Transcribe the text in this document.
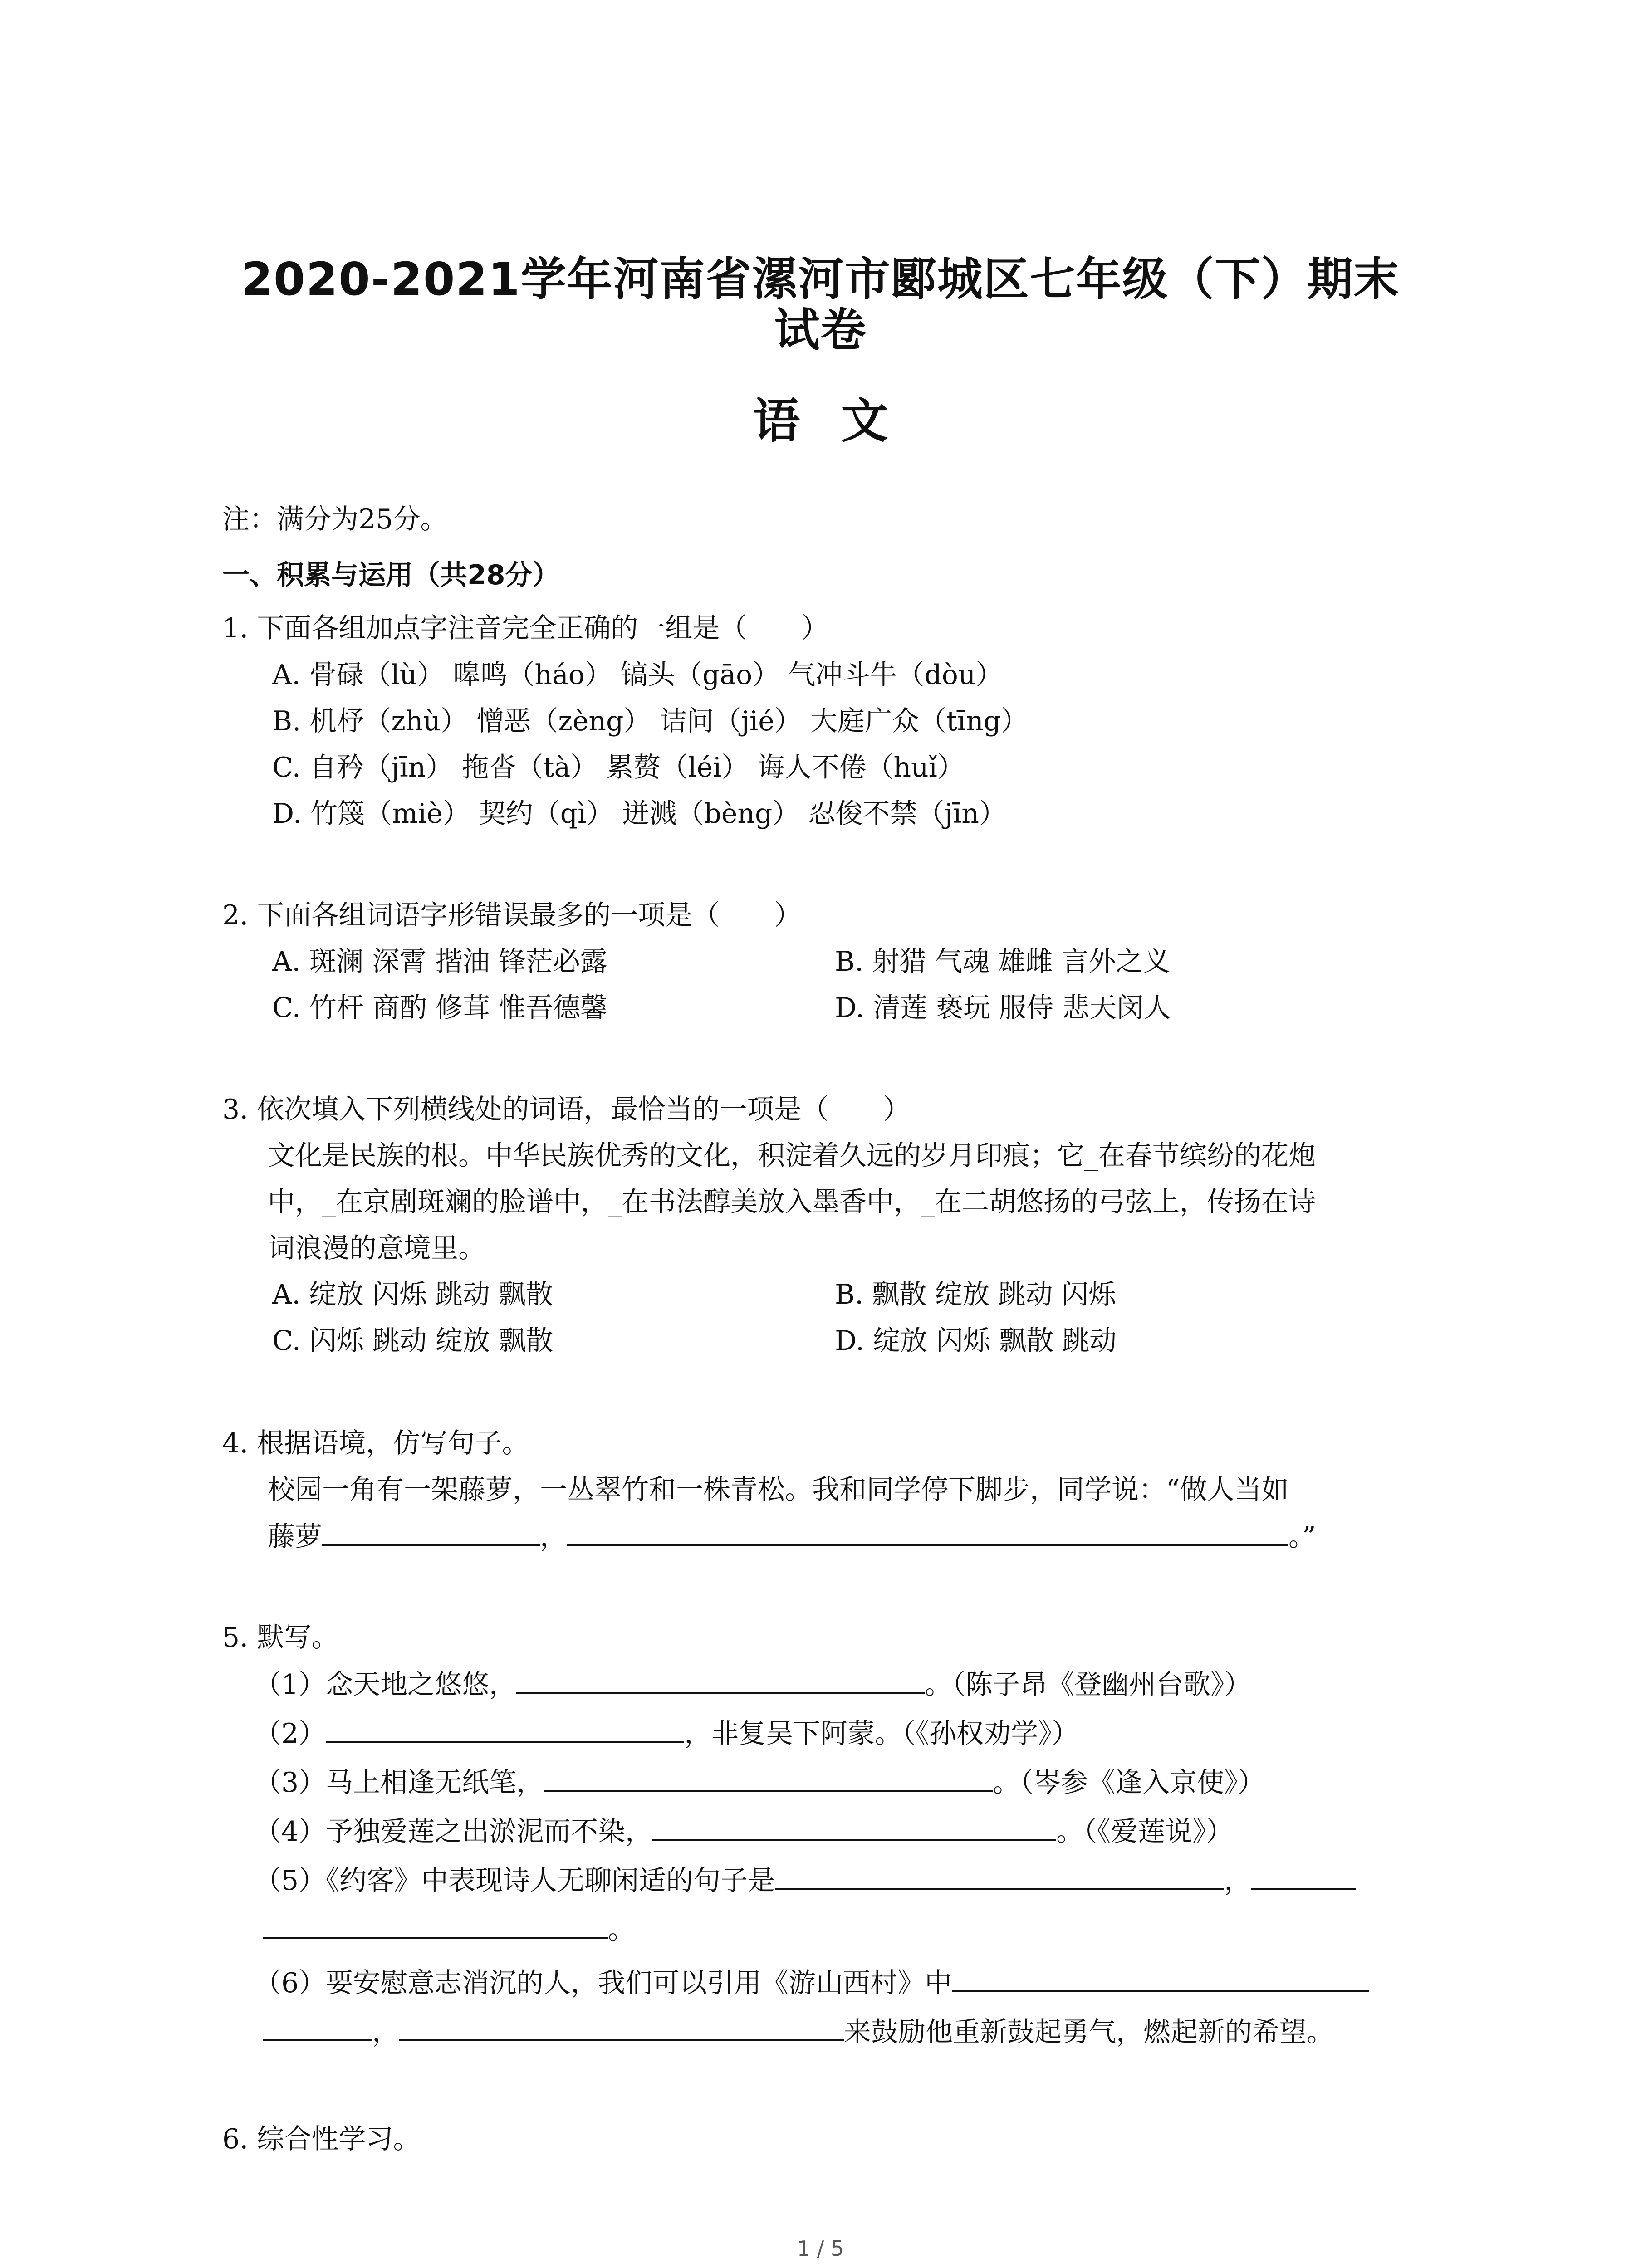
2020-2021学年河南省漯河市郾城区七年级（下）期末
试卷
语文
注：满分为25分。
一、积累与运用（共28分）
1. 下面各组加点字注音完全正确的一组是（　　）
A. 骨碌（lù） 嗥鸣（háo） 镐头（gāo） 气冲斗牛（dòu）
B. 机杼（zhù） 憎恶（zèng） 诘问（jié） 大庭广众（tīng）
C. 自矜（jīn） 拖沓（tà） 累赘（léi） 诲人不倦（huǐ）
D. 竹篾（miè） 契约（qì） 迸溅（bèng） 忍俊不禁（jīn）
2. 下面各组词语字形错误最多的一项是（　　）
A. 斑澜 深霄 揩油 锋茫必露	B. 射猎 气魂 雄雌 言外之义
C. 竹杆 商酌 修茸 惟吾德馨	D. 清莲 亵玩 服侍 悲天闵人
3. 依次填入下列横线处的词语，最恰当的一项是（　　）
文化是民族的根。中华民族优秀的文化，积淀着久远的岁月印痕；它_在春节缤纷的花炮
中，_在京剧斑斓的脸谱中，_在书法醇美放入墨香中，_在二胡悠扬的弓弦上，传扬在诗
词浪漫的意境里。
A. 绽放 闪烁 跳动 飘散	B. 飘散 绽放 跳动 闪烁
C. 闪烁 跳动 绽放 飘散	D. 绽放 闪烁 飘散 跳动
4. 根据语境，仿写句子。
校园一角有一架藤萝，一丛翠竹和一株青松。我和同学停下脚步，同学说：“做人当如
藤萝	，	。”
5. 默写。
（1）念天地之悠悠，	。（陈子昂《登幽州台歌》）
（2）	，非复吴下阿蒙。（《孙权劝学》）
（3）马上相逢无纸笔，	。（岑参《逢入京使》）
（4）予独爱莲之出淤泥而不染，	。（《爱莲说》）
（5）《约客》中表现诗人无聊闲适的句子是	，
。
（6）要安慰意志消沉的人，我们可以引用《游山西村》中
，	来鼓励他重新鼓起勇气，燃起新的希望。
6. 综合性学习。
1 / 5
